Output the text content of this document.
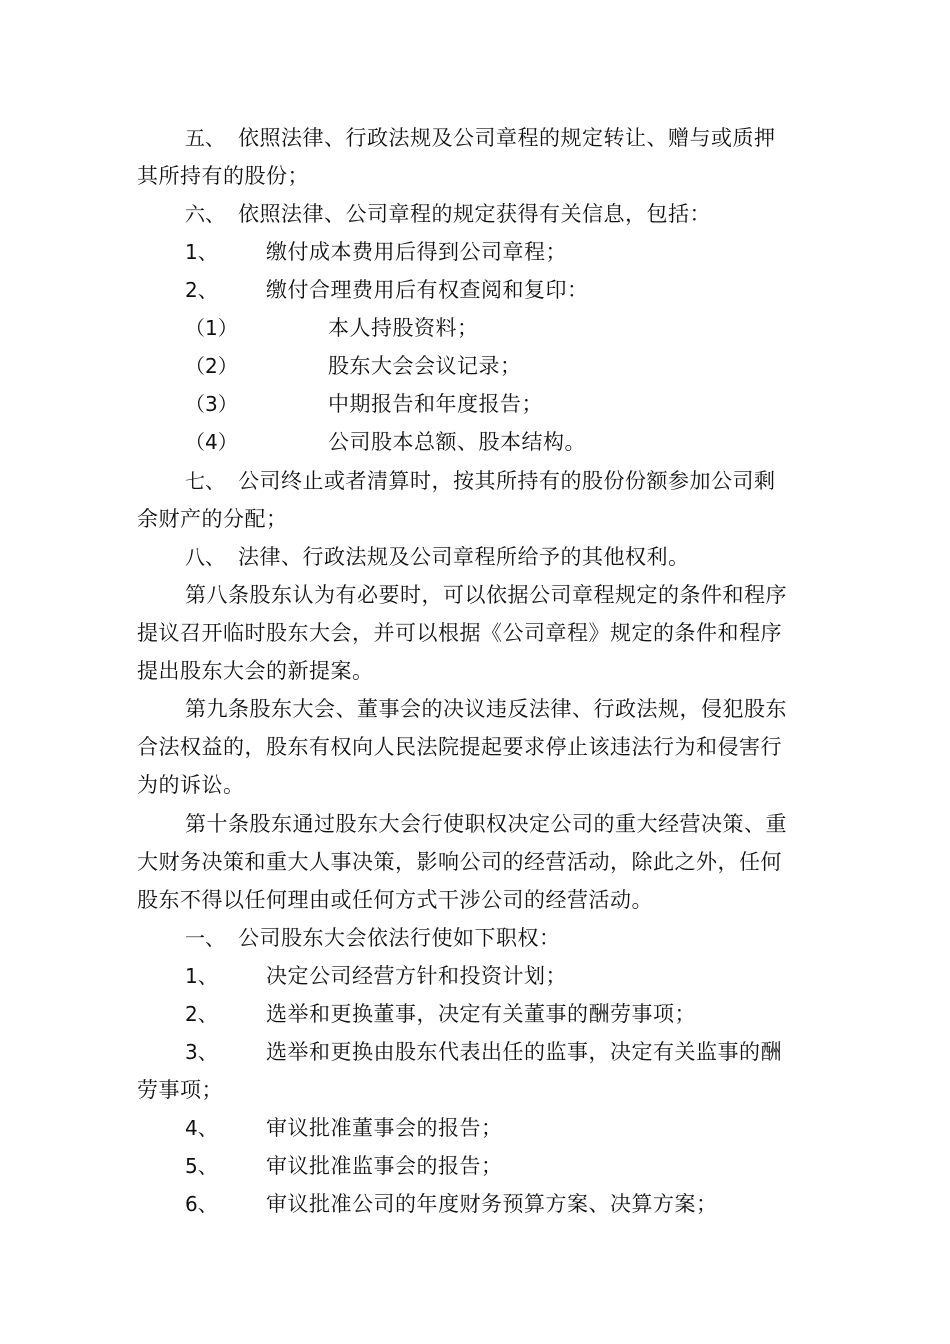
五、 依照法律、行政法规及公司章程的规定转让、赠与或质押
其所持有的股份；
六、 依照法律、公司章程的规定获得有关信息，包括：
1、 缴付成本费用后得到公司章程；
2、 缴付合理费用后有权查阅和复印：
（1）	本人持股资料；
（2）	股东大会会议记录；
（3）	中期报告和年度报告；
（4）	公司股本总额、股本结构。
七、 公司终止或者清算时，按其所持有的股份份额参加公司剩
余财产的分配；
八、 法律、行政法规及公司章程所给予的其他权利。
第八条股东认为有必要时，可以依据公司章程规定的条件和程序
提议召开临时股东大会，并可以根据《公司章程》规定的条件和程序
提出股东大会的新提案。
第九条股东大会、董事会的决议违反法律、行政法规，侵犯股东
合法权益的，股东有权向人民法院提起要求停止该违法行为和侵害行
为的诉讼。
第十条股东通过股东大会行使职权决定公司的重大经营决策、重
大财务决策和重大人事决策，影响公司的经营活动，除此之外，任何
股东不得以任何理由或任何方式干涉公司的经营活动。
一、 公司股东大会依法行使如下职权：
1、 决定公司经营方针和投资计划；
2、 选举和更换董事，决定有关董事的酬劳事项；
3、 选举和更换由股东代表出任的监事，决定有关监事的酬
劳事项；
4、 审议批准董事会的报告；
5、 审议批准监事会的报告；
6、 审议批准公司的年度财务预算方案、决算方案；
